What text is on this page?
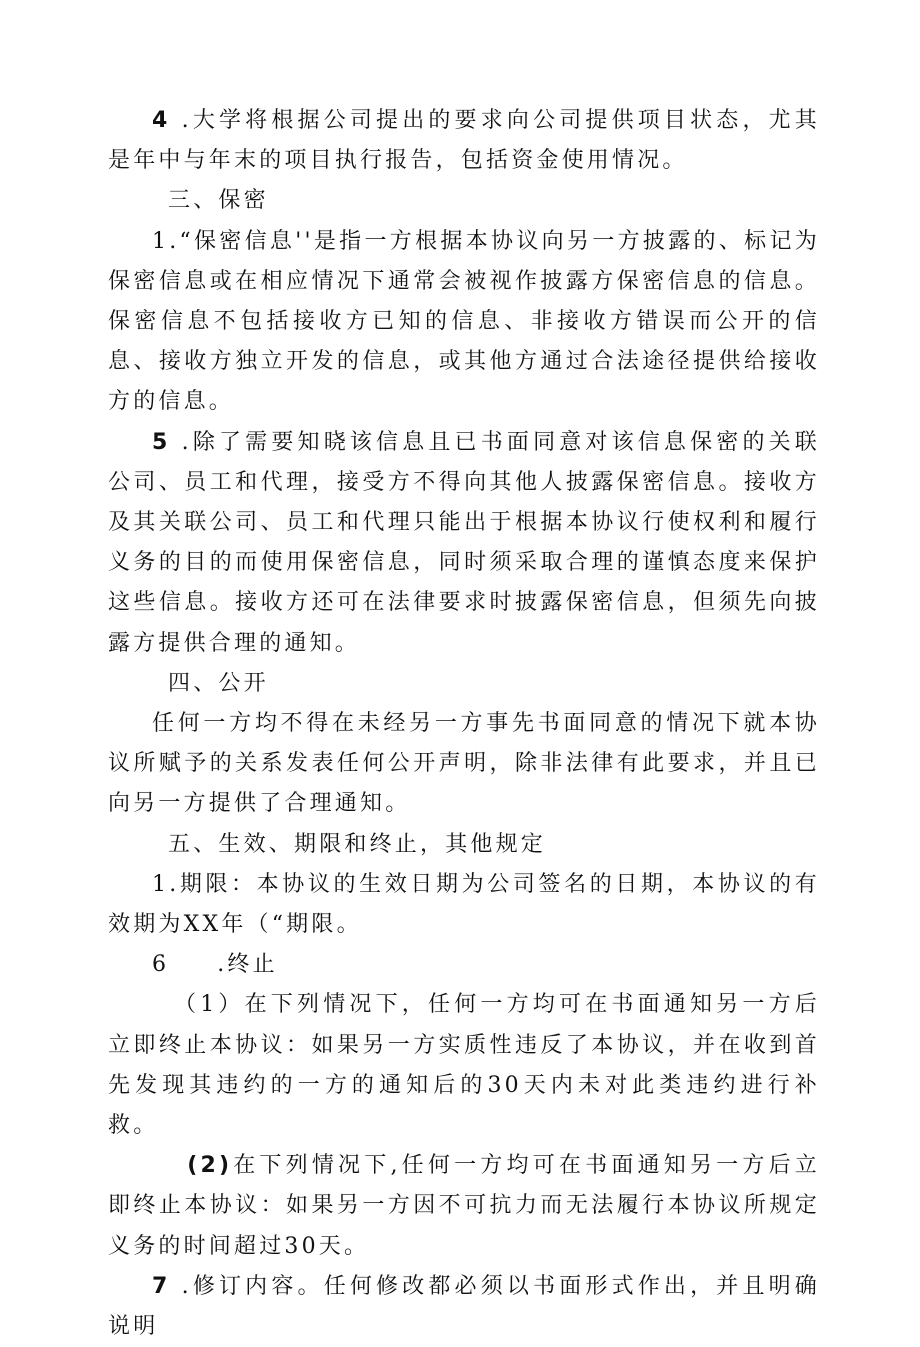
4 .大学将根据公司提出的要求向公司提供项目状态，尤其是年中与年末的项目执行报告，包括资金使用情况。

三、保密

1.“保密信息''是指一方根据本协议向另一方披露的、标记为保密信息或在相应情况下通常会被视作披露方保密信息的信息。保密信息不包括接收方已知的信息、非接收方错误而公开的信息、接收方独立开发的信息，或其他方通过合法途径提供给接收方的信息。

5 .除了需要知晓该信息且已书面同意对该信息保密的关联公司、员工和代理，接受方不得向其他人披露保密信息。接收方及其关联公司、员工和代理只能出于根据本协议行使权利和履行义务的目的而使用保密信息，同时须采取合理的谨慎态度来保护这些信息。接收方还可在法律要求时披露保密信息，但须先向披露方提供合理的通知。

四、公开

任何一方均不得在未经另一方事先书面同意的情况下就本协议所赋予的关系发表任何公开声明，除非法律有此要求，并且已向另一方提供了合理通知。

五、生效、期限和终止，其他规定

1.期限：本协议的生效日期为公司签名的日期，本协议的有效期为XX年（“期限。

6 .终止

（1）在下列情况下，任何一方均可在书面通知另一方后立即终止本协议：如果另一方实质性违反了本协议，并在收到首先发现其违约的一方的通知后的30天内未对此类违约进行补救。

(2)在下列情况下,任何一方均可在书面通知另一方后立即终止本协议：如果另一方因不可抗力而无法履行本协议所规定义务的时间超过30天。

7 .修订内容。任何修改都必须以书面形式作出，并且明确说明
